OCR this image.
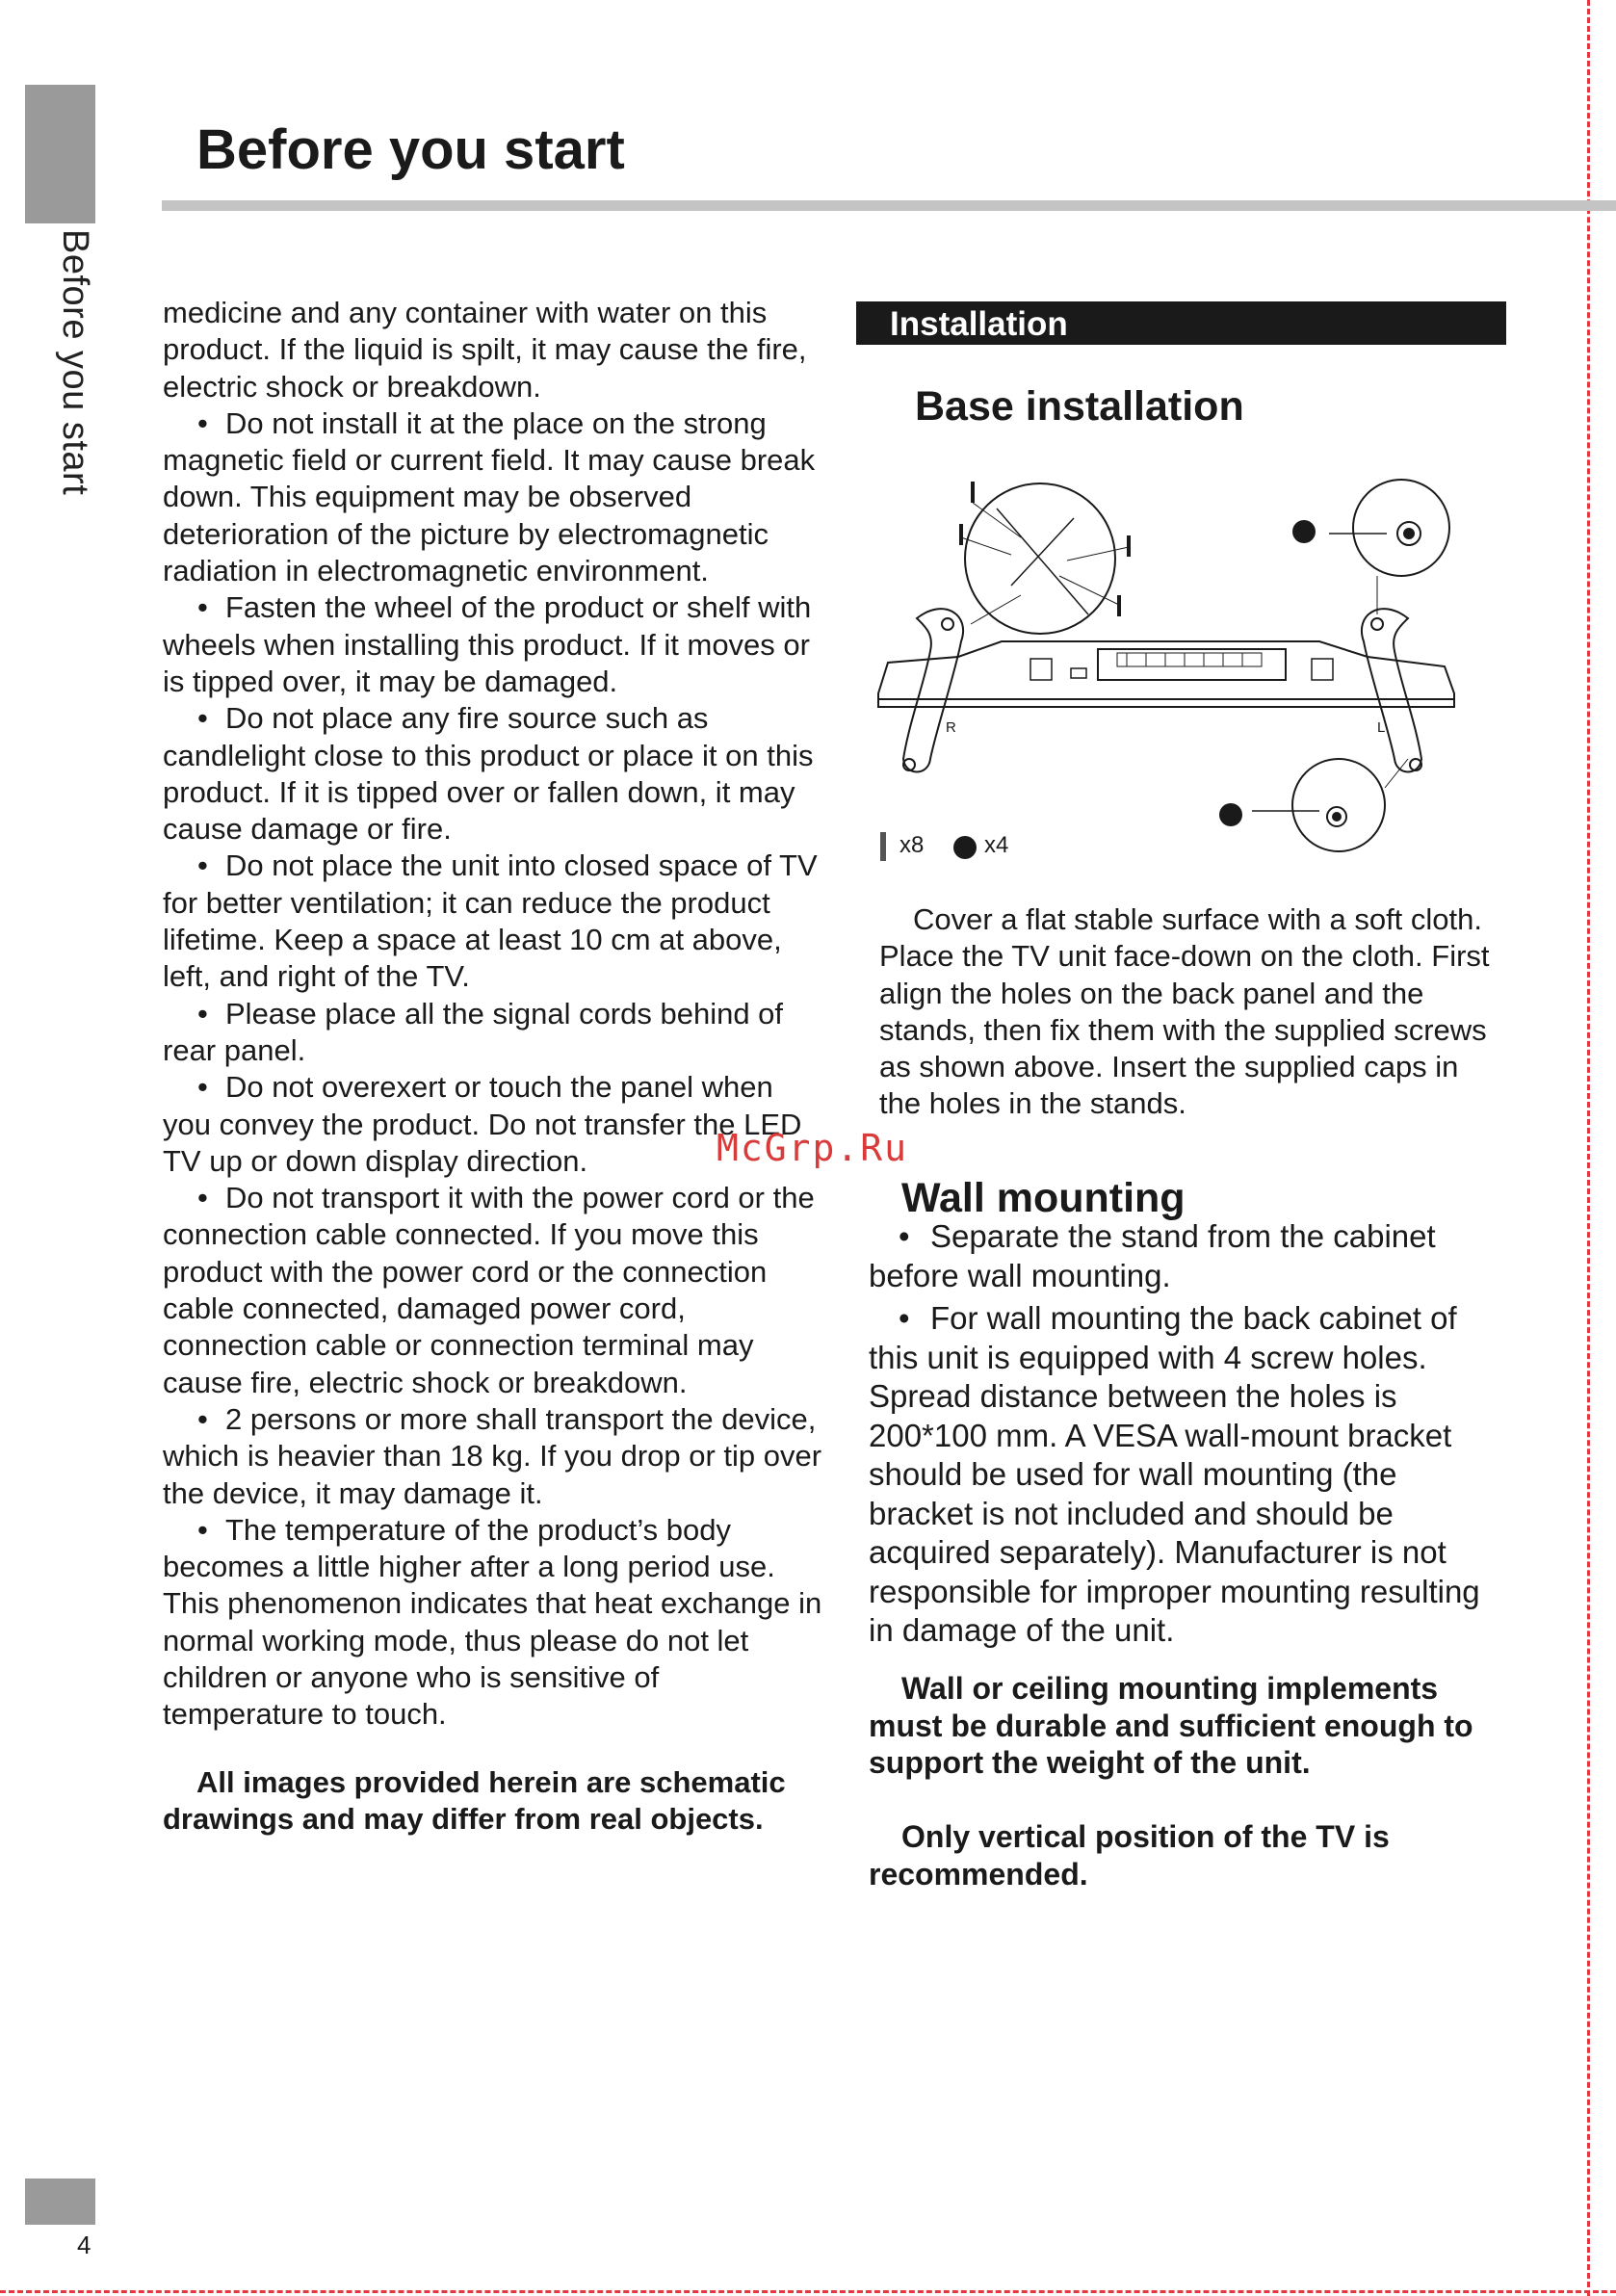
Before you start
Before you start

medicine and any container with water on this product. If the liquid is spilt, it may cause the fire, electric shock or breakdown.

• Do not install it at the place on the strong magnetic field or current field. It may cause break down. This equipment may be observed deterioration of the picture by electromagnetic radiation in electromagnetic environment.

• Fasten the wheel of the product or shelf with wheels when installing this product. If it moves or is tipped over, it may be damaged.

• Do not place any fire source such as candlelight close to this product or place it on this product. If it is tipped over or fallen down, it may cause damage or fire.

• Do not place the unit into closed space of TV for better ventilation; it can reduce the product lifetime. Keep a space at least 10 cm at above, left, and right of the TV.

• Please place all the signal cords behind of rear panel.

• Do not overexert or touch the panel when you convey the product. Do not transfer the LED TV up or down display direction.

• Do not transport it with the power cord or the connection cable connected. If you move this product with the power cord or the connection cable connected, damaged power cord, connection cable or connection terminal may cause fire, electric shock or breakdown.

• 2 persons or more shall transport the device, which is heavier than 18 kg. If you drop or tip over the device, it may damage it.

• The temperature of the product’s body becomes a little higher after a long period use. This phenomenon indicates that heat exchange in normal working mode, thus please do not let children or anyone who is sensitive of temperature to touch.

All images provided herein are schematic drawings and may differ from real objects.

Installation
Base installation
R	L
x8	x4

Cover a flat stable surface with a soft cloth. Place the TV unit face-down on the cloth. First align the holes on the back panel and the stands, then fix them with the supplied screws as shown above. Insert the supplied caps in the holes in the stands.

Wall mounting

• Separate the stand from the cabinet before wall mounting.

• For wall mounting the back cabinet of this unit is equipped with 4 screw holes. Spread distance between the holes is 200*100 mm. A VESA wall-mount bracket should be used for wall mounting (the bracket is not included and should be acquired separately). Manufacturer is not responsible for improper mounting resulting in damage of the unit.

Wall or ceiling mounting implements must be durable and sufficient enough to support the weight of the unit.

Only vertical position of the TV is recommended.

McGrp.Ru
4
